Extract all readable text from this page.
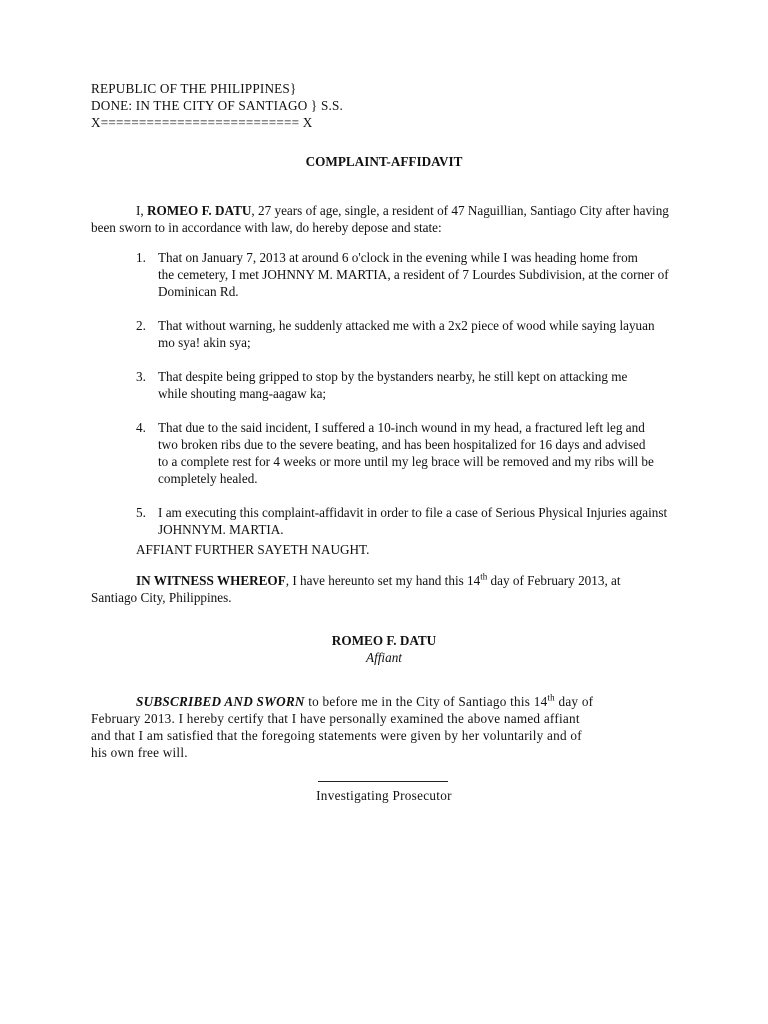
REPUBLIC OF THE PHILIPPINES}
DONE: IN THE CITY OF SANTIAGO } S.S.
X========================== X
COMPLAINT-AFFIDAVIT
I, ROMEO F. DATU, 27 years of age, single, a resident of 47 Naguillian, Santiago City after having
been sworn to in accordance with law, do hereby depose and state:
1. That on January 7, 2013 at around 6 o'clock in the evening while I was heading home from
the cemetery, I met JOHNNY M. MARTIA, a resident of 7 Lourdes Subdivision, at the corner of
Dominican Rd.
2. That without warning, he suddenly attacked me with a 2x2 piece of wood while saying layuan
mo sya! akin sya;
3. That despite being gripped to stop by the bystanders nearby, he still kept on attacking me
while shouting mang-aagaw ka;
4. That due to the said incident, I suffered a 10-inch wound in my head, a fractured left leg and
two broken ribs due to the severe beating, and has been hospitalized for 16 days and advised
to a complete rest for 4 weeks or more until my leg brace will be removed and my ribs will be
completely healed.
5. I am executing this complaint-affidavit in order to file a case of Serious Physical Injuries against
JOHNNYM. MARTIA.
AFFIANT FURTHER SAYETH NAUGHT.
IN WITNESS WHEREOF, I have hereunto set my hand this 14th day of February 2013, at
Santiago City, Philippines.
ROMEO F. DATU
Affiant
SUBSCRIBED AND SWORN to before me in the City of Santiago this 14th day of
February 2013. I hereby certify that I have personally examined the above named affiant
and that I am satisfied that the foregoing statements were given by her voluntarily and of
his own free will.
Investigating Prosecutor
